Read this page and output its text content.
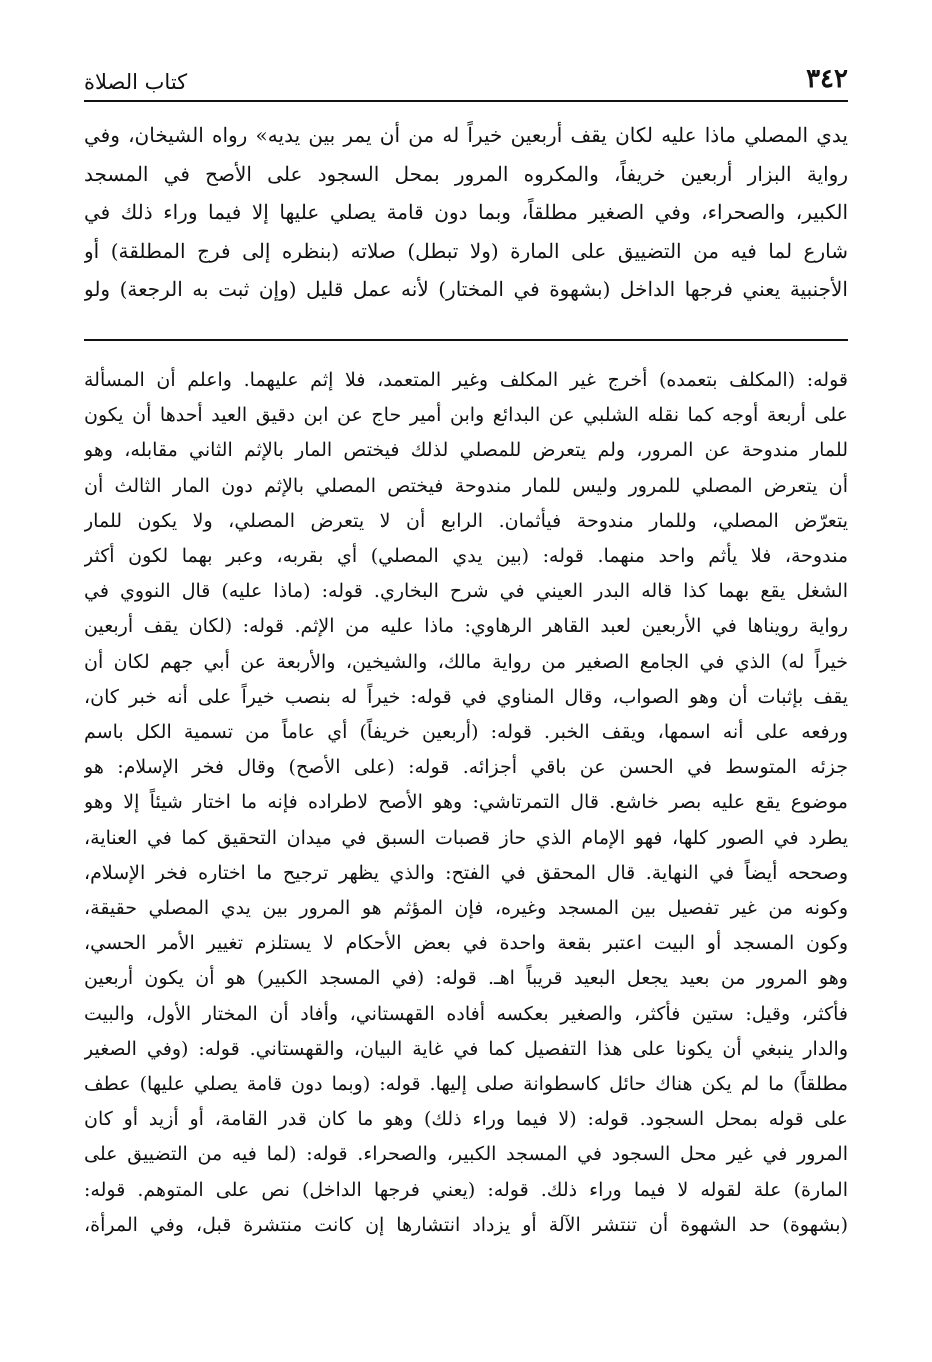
٣٤٢
كتاب الصلاة
يدي المصلي ماذا عليه لكان يقف أربعين خيراً له من أن يمر بين يديه» رواه الشيخان، وفي
رواية البزار أربعين خريفاً، والمكروه المرور بمحل السجود على الأصح في المسجد
الكبير، والصحراء، وفي الصغير مطلقاً، وبما دون قامة يصلي عليها إلا فيما وراء ذلك في
شارع لما فيه من التضييق على المارة (ولا تبطل) صلاته (بنظره إلى فرج المطلقة) أو
الأجنبية يعني فرجها الداخل (بشهوة في المختار) لأنه عمل قليل (وإن ثبت به الرجعة) ولو
قوله: (المكلف بتعمده) أخرج غير المكلف وغير المتعمد، فلا إثم عليهما. واعلم أن المسألة
على أربعة أوجه كما نقله الشلبي عن البدائع وابن أمير حاج عن ابن دقيق العيد أحدها أن يكون
للمار مندوحة عن المرور، ولم يتعرض للمصلي لذلك فيختص المار بالإثم الثاني مقابله، وهو
أن يتعرض المصلي للمرور وليس للمار مندوحة فيختص المصلي بالإثم دون المار الثالث أن
يتعرّض المصلي، وللمار مندوحة فيأثمان. الرابع أن لا يتعرض المصلي، ولا يكون للمار
مندوحة، فلا يأثم واحد منهما. قوله: (بين يدي المصلي) أي بقربه، وعبر بهما لكون أكثر
الشغل يقع بهما كذا قاله البدر العيني في شرح البخاري. قوله: (ماذا عليه) قال النووي في
رواية رويناها في الأربعين لعبد القاهر الرهاوي: ماذا عليه من الإثم. قوله: (لكان يقف أربعين
خيراً له) الذي في الجامع الصغير من رواية مالك، والشيخين، والأربعة عن أبي جهم لكان أن
يقف بإثبات أن وهو الصواب، وقال المناوي في قوله: خيراً له بنصب خيراً على أنه خبر كان،
ورفعه على أنه اسمها، ويقف الخبر. قوله: (أربعين خريفاً) أي عاماً من تسمية الكل باسم
جزئه المتوسط في الحسن عن باقي أجزائه. قوله: (على الأصح) وقال فخر الإسلام: هو
موضوع يقع عليه بصر خاشع. قال التمرتاشي: وهو الأصح لاطراده فإنه ما اختار شيئاً إلا وهو
يطرد في الصور كلها، فهو الإمام الذي حاز قصبات السبق في ميدان التحقيق كما في العناية،
وصححه أيضاً في النهاية. قال المحقق في الفتح: والذي يظهر ترجيح ما اختاره فخر الإسلام،
وكونه من غير تفصيل بين المسجد وغيره، فإن المؤثم هو المرور بين يدي المصلي حقيقة،
وكون المسجد أو البيت اعتبر بقعة واحدة في بعض الأحكام لا يستلزم تغيير الأمر الحسي،
وهو المرور من بعيد يجعل البعيد قريباً اهـ. قوله: (في المسجد الكبير) هو أن يكون أربعين
فأكثر، وقيل: ستين فأكثر، والصغير بعكسه أفاده القهستاني، وأفاد أن المختار الأول، والبيت
والدار ينبغي أن يكونا على هذا التفصيل كما في غاية البيان، والقهستاني. قوله: (وفي الصغير
مطلقاً) ما لم يكن هناك حائل كاسطوانة صلى إليها. قوله: (وبما دون قامة يصلي عليها) عطف
على قوله بمحل السجود. قوله: (لا فيما وراء ذلك) وهو ما كان قدر القامة، أو أزيد أو كان
المرور في غير محل السجود في المسجد الكبير، والصحراء. قوله: (لما فيه من التضييق على
المارة) علة لقوله لا فيما وراء ذلك. قوله: (يعني فرجها الداخل) نص على المتوهم. قوله:
(بشهوة) حد الشهوة أن تنتشر الآلة أو يزداد انتشارها إن كانت منتشرة قبل، وفي المرأة،
